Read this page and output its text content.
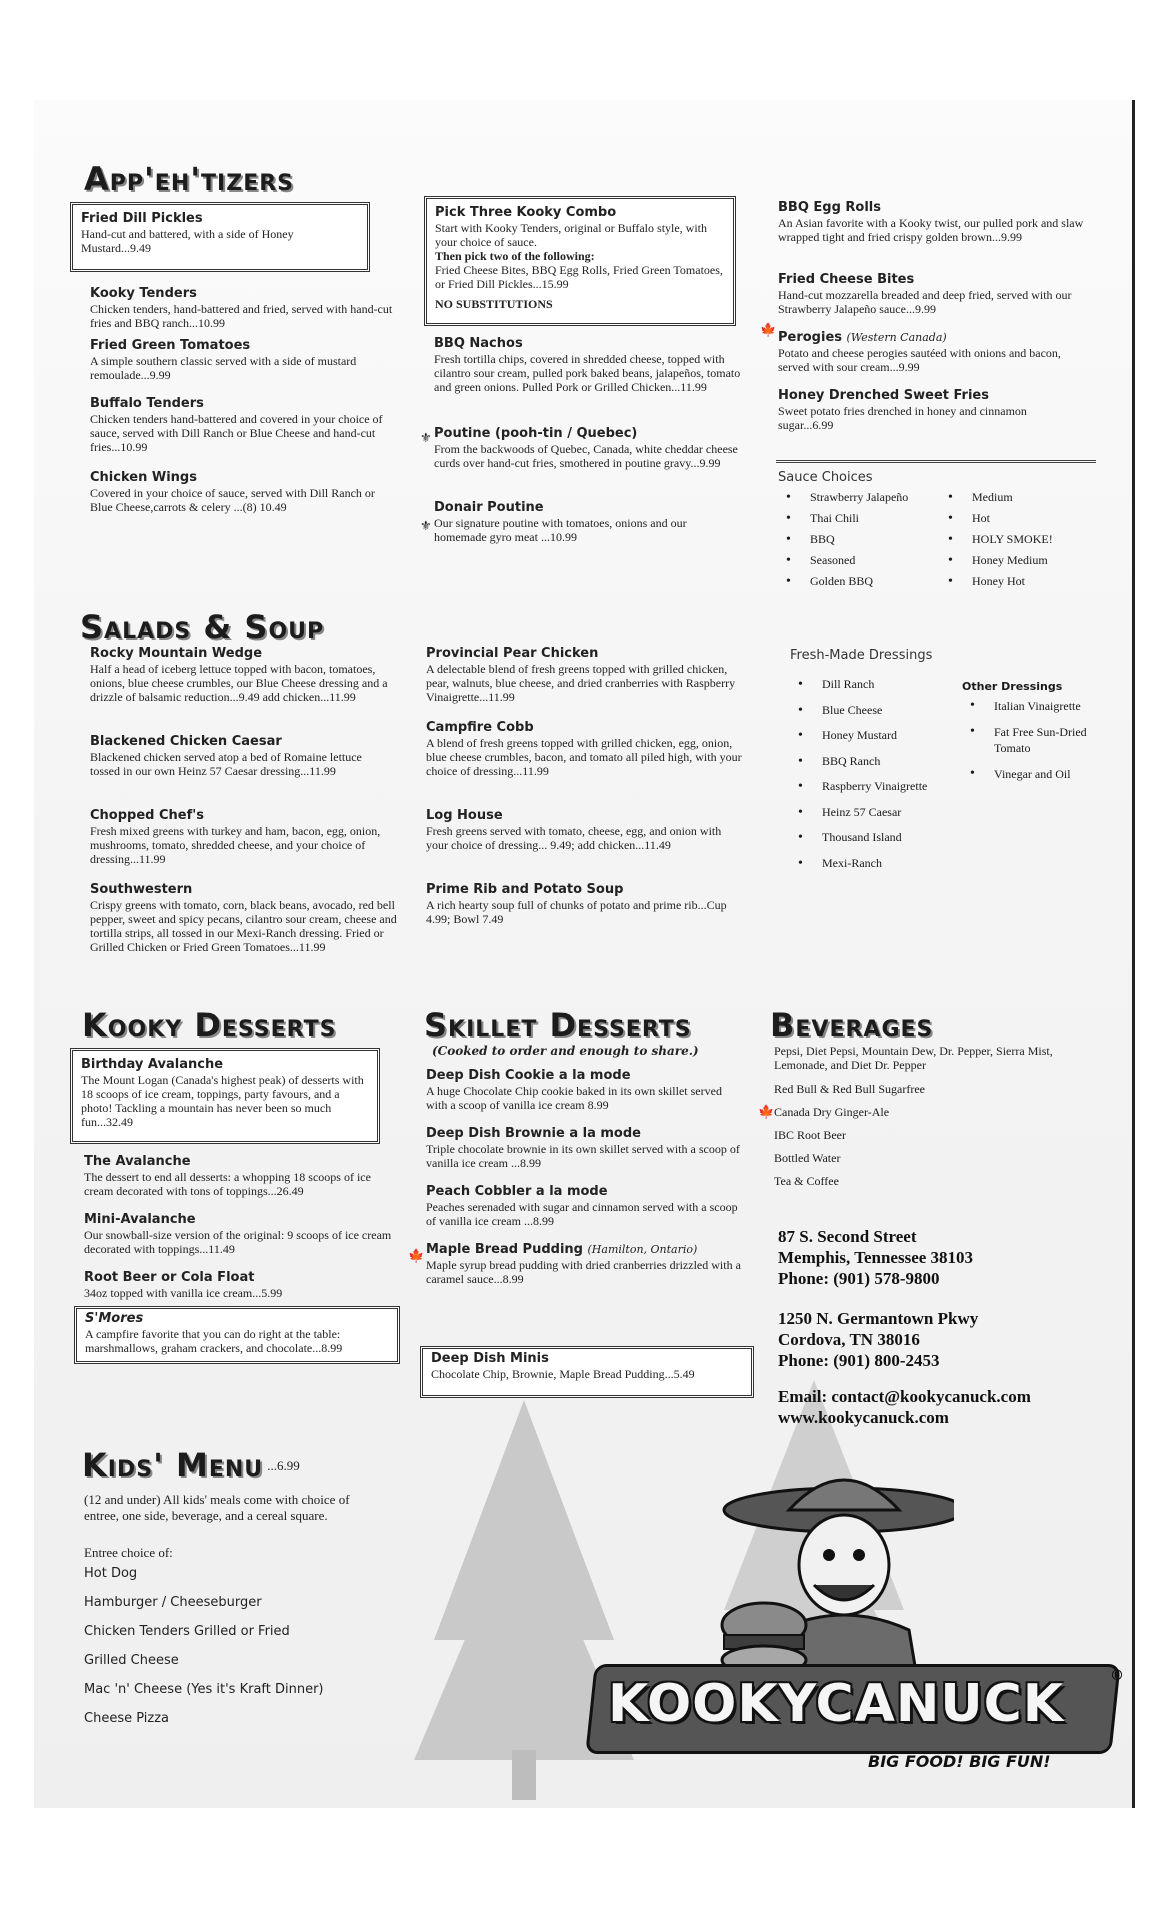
App'eh'tizers
Fried Dill Pickles
Hand-cut and battered, with a side of Honey Mustard...9.49
Kooky Tenders
Chicken tenders, hand-battered and fried, served with hand-cut fries and BBQ ranch...10.99
Fried Green Tomatoes
A simple southern classic served with a side of mustard remoulade...9.99
Buffalo Tenders
Chicken tenders hand-battered and covered in your choice of sauce, served with Dill Ranch or Blue Cheese and hand-cut fries...10.99
Chicken Wings
Covered in your choice of sauce, served with Dill Ranch or Blue Cheese,carrots & celery ...(8) 10.49
Pick Three Kooky Combo
Start with Kooky Tenders, original or Buffalo style, with your choice of sauce.
Then pick two of the following:
Fried Cheese Bites, BBQ Egg Rolls, Fried Green Tomatoes, or Fried Dill Pickles...15.99
NO SUBSTITUTIONS
BBQ Nachos
Fresh tortilla chips, covered in shredded cheese, topped with cilantro sour cream, pulled pork baked beans, jalapeños, tomato and green onions. Pulled Pork or Grilled Chicken...11.99
Poutine (pooh-tin / Quebec)
From the backwoods of Quebec, Canada, white cheddar cheese curds over hand-cut fries, smothered in poutine gravy...9.99
⚜
Donair Poutine
Our signature poutine with tomatoes, onions and our homemade gyro meat ...10.99
⚜
BBQ Egg Rolls
An Asian favorite with a Kooky twist, our pulled pork and slaw wrapped tight and fried crispy golden brown...9.99
Fried Cheese Bites
Hand-cut mozzarella breaded and deep fried, served with our Strawberry Jalapeño sauce...9.99
🍁
Perogies (Western Canada)
Potato and cheese perogies sautéed with onions and bacon, served with sour cream...9.99
Honey Drenched Sweet Fries
Sweet potato fries drenched in honey and cinnamon sugar...6.99
Sauce Choices
• Strawberry Jalapeño
• Thai Chili
• BBQ
• Seasoned
• Golden BBQ
• Medium
• Hot
• HOLY SMOKE!
• Honey Medium
• Honey Hot
Salads & Soup
Rocky Mountain Wedge
Half a head of iceberg lettuce topped with bacon, tomatoes, onions, blue cheese crumbles, our Blue Cheese dressing and a drizzle of balsamic reduction...9.49 add chicken...11.99
Blackened Chicken Caesar
Blackened chicken served atop a bed of Romaine lettuce tossed in our own Heinz 57 Caesar dressing...11.99
Chopped Chef's
Fresh mixed greens with turkey and ham, bacon, egg, onion, mushrooms, tomato, shredded cheese, and your choice of dressing...11.99
Southwestern
Crispy greens with tomato, corn, black beans, avocado, red bell pepper, sweet and spicy pecans, cilantro sour cream, cheese and tortilla strips, all tossed in our Mexi-Ranch dressing. Fried or Grilled Chicken or Fried Green Tomatoes...11.99
Provincial Pear Chicken
A delectable blend of fresh greens topped with grilled chicken, pear, walnuts, blue cheese, and dried cranberries with Raspberry Vinaigrette...11.99
Campfire Cobb
A blend of fresh greens topped with grilled chicken, egg, onion, blue cheese crumbles, bacon, and tomato all piled high, with your choice of dressing...11.99
Log House
Fresh greens served with tomato, cheese, egg, and onion with your choice of dressing... 9.49; add chicken...11.49
Prime Rib and Potato Soup
A rich hearty soup full of chunks of potato and prime rib...Cup 4.99; Bowl 7.49
Fresh-Made Dressings
• Dill Ranch
• Blue Cheese
• Honey Mustard
• BBQ Ranch
• Raspberry Vinaigrette
• Heinz 57 Caesar
• Thousand Island
• Mexi-Ranch
Other Dressings
• Italian Vinaigrette
• Fat Free Sun-Dried Tomato
• Vinegar and Oil
Kooky Desserts
Birthday Avalanche
The Mount Logan (Canada's highest peak) of desserts with 18 scoops of ice cream, toppings, party favours, and a photo! Tackling a mountain has never been so much fun...32.49
The Avalanche
The dessert to end all desserts: a whopping 18 scoops of ice cream decorated with tons of toppings...26.49
Mini-Avalanche
Our snowball-size version of the original: 9 scoops of ice cream decorated with toppings...11.49
Root Beer or Cola Float
34oz topped with vanilla ice cream...5.99
S'Mores
A campfire favorite that you can do right at the table: marshmallows, graham crackers, and chocolate...8.99
Skillet Desserts
(Cooked to order and enough to share.)
Deep Dish Cookie a la mode
A huge Chocolate Chip cookie baked in its own skillet served with a scoop of vanilla ice cream 8.99
Deep Dish Brownie a la mode
Triple chocolate brownie in its own skillet served with a scoop of vanilla ice cream ...8.99
Peach Cobbler a la mode
Peaches serenaded with sugar and cinnamon served with a scoop of vanilla ice cream ...8.99
🍁 Maple Bread Pudding (Hamilton, Ontario)
Maple syrup bread pudding with dried cranberries drizzled with a caramel sauce...8.99
Deep Dish Minis
Chocolate Chip, Brownie, Maple Bread Pudding...5.49
Beverages
Pepsi, Diet Pepsi, Mountain Dew, Dr. Pepper, Sierra Mist, Lemonade, and Diet Dr. Pepper
Red Bull & Red Bull Sugarfree
Canada Dry Ginger-Ale
IBC Root Beer
Bottled Water
Tea & Coffee
🍁
87 S. Second Street
Memphis, Tennessee 38103
Phone: (901) 578-9800
1250 N. Germantown Pkwy
Cordova, TN 38016
Phone: (901) 800-2453
Email: contact@kookycanuck.com
www.kookycanuck.com
Kids' Menu $^{...6.99}$
(12 and under) All kids' meals come with choice of entree, one side, beverage, and a cereal square.
Entree choice of:
Hot Dog
Hamburger / Cheeseburger
Chicken Tenders Grilled or Fried
Grilled Cheese
Mac 'n' Cheese (Yes it's Kraft Dinner)
Cheese Pizza	KOOKYCANUCK	®
BIG FOOD! BIG FUN!
